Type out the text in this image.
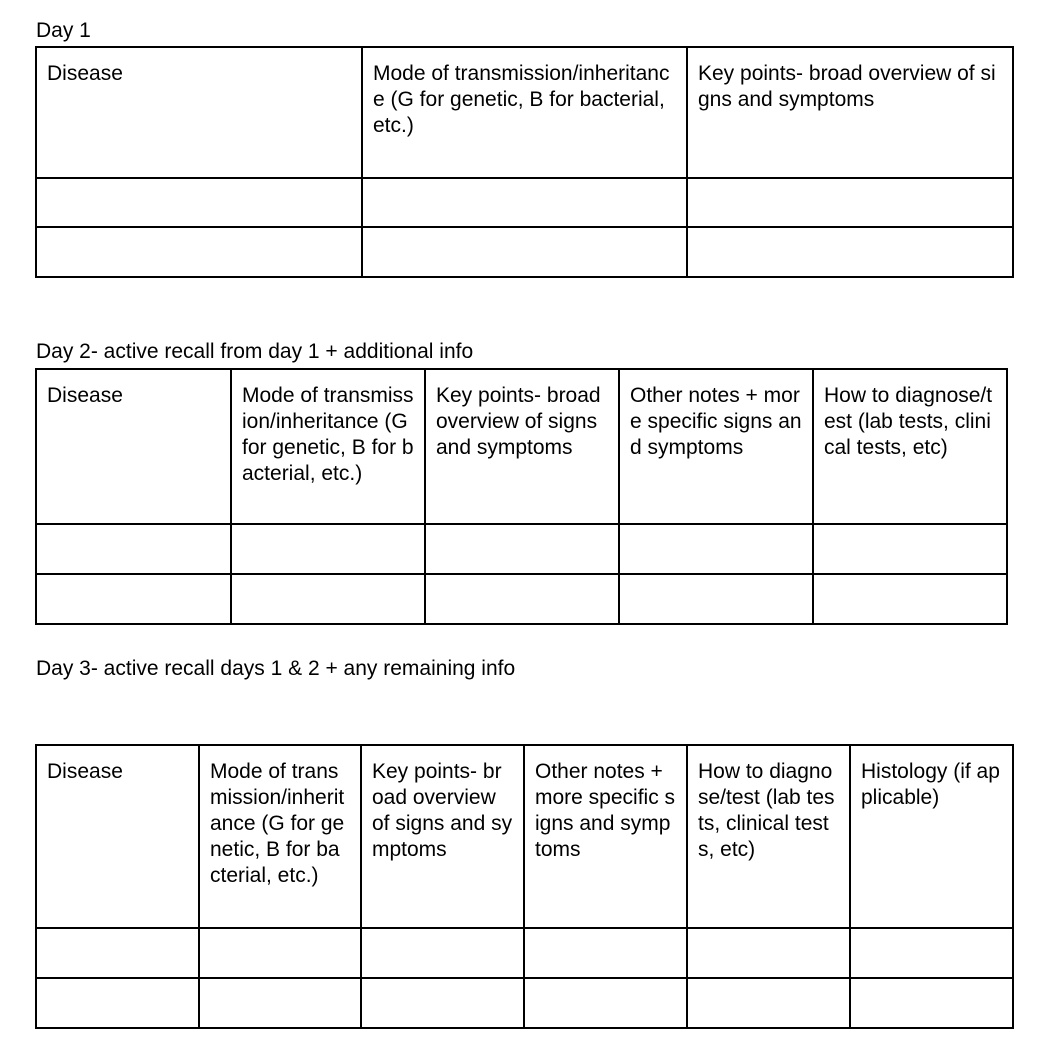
Day 1
Disease	Mode of transmission/inheritance (G for genetic, B for bacterial, etc.)	Key points- broad overview of signs and symptoms

Day 2- active recall from day 1 + additional info
Disease	Mode of transmission/inheritance (G for genetic, B for bacterial, etc.)	Key points- broad overview of signs and symptoms	Other notes + more specific signs and symptoms	How to diagnose/test (lab tests, clinical tests, etc)

Day 3- active recall days 1 & 2 + any remaining info
Disease	Mode of transmission/inheritance (G for genetic, B for bacterial, etc.)	Key points- broad overview of signs and symptoms	Other notes + more specific signs and symptoms	How to diagnose/test (lab tests, clinical tests, etc)	Histology (if applicable)
